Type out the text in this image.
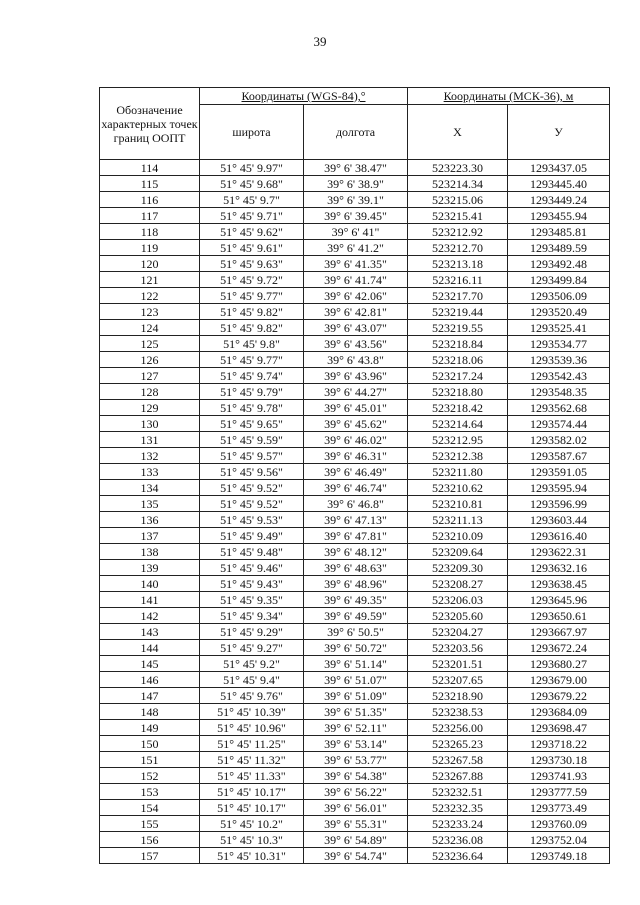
39
Обозначение характерных точек границ ООПТ	Координаты (WGS-84),°		Координаты (МСК-36), м	
	широта	долгота	X	У
114	51° 45' 9.97"	39° 6' 38.47"	523223.30	1293437.05
115	51° 45' 9.68"	39° 6' 38.9"	523214.34	1293445.40
116	51° 45' 9.7"	39° 6' 39.1"	523215.06	1293449.24
117	51° 45' 9.71"	39° 6' 39.45"	523215.41	1293455.94
118	51° 45' 9.62"	39° 6' 41"	523212.92	1293485.81
119	51° 45' 9.61"	39° 6' 41.2"	523212.70	1293489.59
120	51° 45' 9.63"	39° 6' 41.35"	523213.18	1293492.48
121	51° 45' 9.72"	39° 6' 41.74"	523216.11	1293499.84
122	51° 45' 9.77"	39° 6' 42.06"	523217.70	1293506.09
123	51° 45' 9.82"	39° 6' 42.81"	523219.44	1293520.49
124	51° 45' 9.82"	39° 6' 43.07"	523219.55	1293525.41
125	51° 45' 9.8"	39° 6' 43.56"	523218.84	1293534.77
126	51° 45' 9.77"	39° 6' 43.8"	523218.06	1293539.36
127	51° 45' 9.74"	39° 6' 43.96"	523217.24	1293542.43
128	51° 45' 9.79"	39° 6' 44.27"	523218.80	1293548.35
129	51° 45' 9.78"	39° 6' 45.01"	523218.42	1293562.68
130	51° 45' 9.65"	39° 6' 45.62"	523214.64	1293574.44
131	51° 45' 9.59"	39° 6' 46.02"	523212.95	1293582.02
132	51° 45' 9.57"	39° 6' 46.31"	523212.38	1293587.67
133	51° 45' 9.56"	39° 6' 46.49"	523211.80	1293591.05
134	51° 45' 9.52"	39° 6' 46.74"	523210.62	1293595.94
135	51° 45' 9.52"	39° 6' 46.8"	523210.81	1293596.99
136	51° 45' 9.53"	39° 6' 47.13"	523211.13	1293603.44
137	51° 45' 9.49"	39° 6' 47.81"	523210.09	1293616.40
138	51° 45' 9.48"	39° 6' 48.12"	523209.64	1293622.31
139	51° 45' 9.46"	39° 6' 48.63"	523209.30	1293632.16
140	51° 45' 9.43"	39° 6' 48.96"	523208.27	1293638.45
141	51° 45' 9.35"	39° 6' 49.35"	523206.03	1293645.96
142	51° 45' 9.34"	39° 6' 49.59"	523205.60	1293650.61
143	51° 45' 9.29"	39° 6' 50.5"	523204.27	1293667.97
144	51° 45' 9.27"	39° 6' 50.72"	523203.56	1293672.24
145	51° 45' 9.2"	39° 6' 51.14"	523201.51	1293680.27
146	51° 45' 9.4"	39° 6' 51.07"	523207.65	1293679.00
147	51° 45' 9.76"	39° 6' 51.09"	523218.90	1293679.22
148	51° 45' 10.39"	39° 6' 51.35"	523238.53	1293684.09
149	51° 45' 10.96"	39° 6' 52.11"	523256.00	1293698.47
150	51° 45' 11.25"	39° 6' 53.14"	523265.23	1293718.22
151	51° 45' 11.32"	39° 6' 53.77"	523267.58	1293730.18
152	51° 45' 11.33"	39° 6' 54.38"	523267.88	1293741.93
153	51° 45' 10.17"	39° 6' 56.22"	523232.51	1293777.59
154	51° 45' 10.17"	39° 6' 56.01"	523232.35	1293773.49
155	51° 45' 10.2"	39° 6' 55.31"	523233.24	1293760.09
156	51° 45' 10.3"	39° 6' 54.89"	523236.08	1293752.04
157	51° 45' 10.31"	39° 6' 54.74"	523236.64	1293749.18
